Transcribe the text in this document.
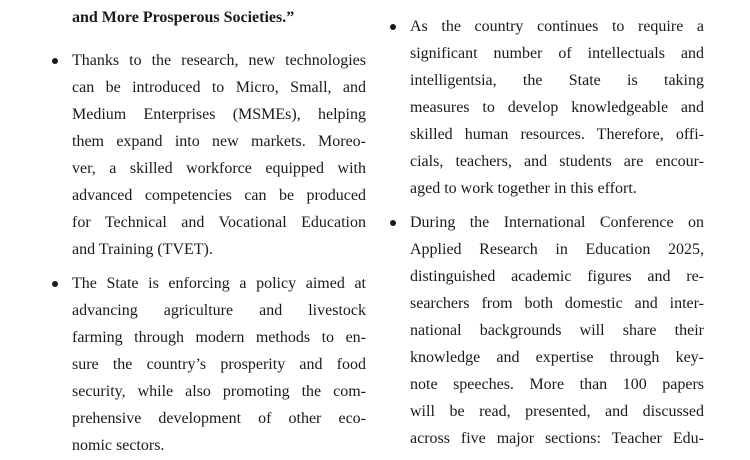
and More Prosperous Societies.”
Thanks to the research, new technologies
can be introduced to Micro, Small, and
Medium Enterprises (MSMEs), helping
them expand into new markets. Moreo-
ver, a skilled workforce equipped with
advanced competencies can be produced
for Technical and Vocational Education
and Training (TVET).
The State is enforcing a policy aimed at
advancing agriculture and livestock
farming through modern methods to en-
sure the country’s prosperity and food
security, while also promoting the com-
prehensive development of other eco-
nomic sectors.
As the country continues to require a
significant number of intellectuals and
intelligentsia, the State is taking
measures to develop knowledgeable and
skilled human resources. Therefore, offi-
cials, teachers, and students are encour-
aged to work together in this effort.
During the International Conference on
Applied Research in Education 2025,
distinguished academic figures and re-
searchers from both domestic and inter-
national backgrounds will share their
knowledge and expertise through key-
note speeches. More than 100 papers
will be read, presented, and discussed
across five major sections: Teacher Edu-
